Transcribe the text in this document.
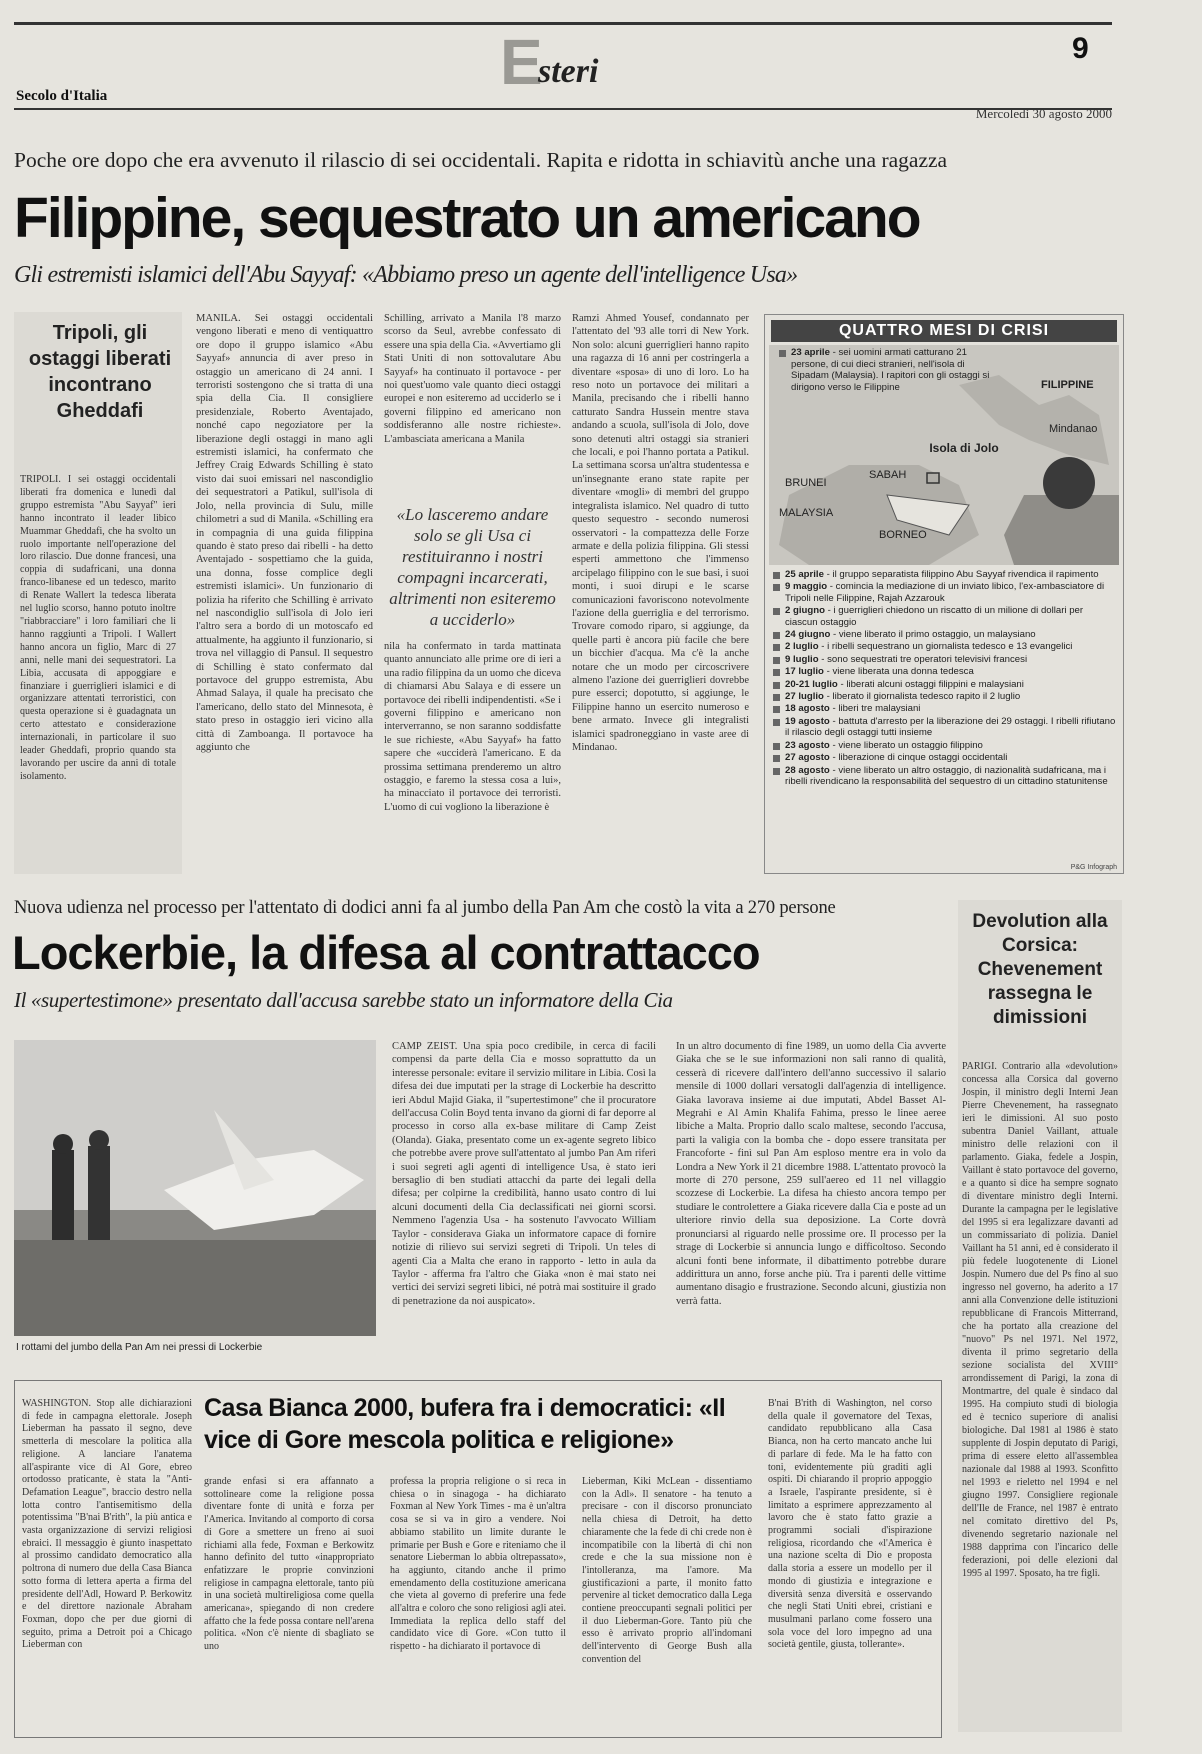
E
steri
9
Secolo d'Italia
Mercoledì 30 agosto 2000
Poche ore dopo che era avvenuto il rilascio di sei occidentali. Rapita e ridotta in schiavitù anche una ragazza
Filippine, sequestrato un americano
Gli estremisti islamici dell'Abu Sayyaf: «Abbiamo preso un agente dell'intelligence Usa»
Tripoli, gli ostaggi liberati incontrano Gheddafi
TRIPOLI. I sei ostaggi occidentali liberati fra domenica e lunedì dal gruppo estremista "Abu Sayyaf" ieri hanno incontrato il leader libico Muammar Gheddafi, che ha svolto un ruolo importante nell'operazione del loro rilascio. Due donne francesi, una coppia di sudafricani, una donna franco-libanese ed un tedesco, marito di Renate Wallert la tedesca liberata nel luglio scorso, hanno potuto inoltre "riabbracciare" i loro familiari che li hanno raggiunti a Tripoli. I Wallert hanno ancora un figlio, Marc di 27 anni, nelle mani dei sequestratori. La Libia, accusata di appoggiare e finanziare i guerriglieri islamici e di organizzare attentati terroristici, con questa operazione si è guadagnata un certo attestato e considerazione internazionali, in particolare il suo leader Gheddafi, proprio quando sta lavorando per uscire da anni di totale isolamento.
MANILA. Sei ostaggi occidentali vengono liberati e meno di ventiquattro ore dopo il gruppo islamico «Abu Sayyaf» annuncia di aver preso in ostaggio un americano di 24 anni. I terroristi sostengono che si tratta di una spia della Cia. Il consigliere presidenziale, Roberto Aventajado, nonché capo negoziatore per la liberazione degli ostaggi in mano agli estremisti islamici, ha confermato che Jeffrey Craig Edwards Schilling è stato visto dai suoi emissari nel nascondiglio dei sequestratori a Patikul, sull'isola di Jolo, nella provincia di Sulu, mille chilometri a sud di Manila. «Schilling era in compagnia di una guida filippina quando è stato preso dai ribelli - ha detto Aventajado - sospettiamo che la guida, una donna, fosse complice degli estremisti islamici». Un funzionario di polizia ha riferito che Schilling è arrivato nel nascondiglio sull'isola di Jolo ieri l'altro sera a bordo di un motoscafo ed attualmente, ha aggiunto il funzionario, si trova nel villaggio di Pansul. Il sequestro di Schilling è stato confermato dal portavoce del gruppo estremista, Abu Ahmad Salaya, il quale ha precisato che l'americano, dello stato del Minnesota, è stato preso in ostaggio ieri vicino alla città di Zamboanga. Il portavoce ha aggiunto che
Schilling, arrivato a Manila l'8 marzo scorso da Seul, avrebbe confessato di essere una spia della Cia. «Avvertiamo gli Stati Uniti di non sottovalutare Abu Sayyaf» ha continuato il portavoce - per noi quest'uomo vale quanto dieci ostaggi europei e non esiteremo ad ucciderlo se i governi filippino ed americano non soddisferanno alle nostre richieste». L'ambasciata americana a Manila
«Lo lasceremo andare solo se gli Usa ci restituiranno i nostri compagni incarcerati, altrimenti non esiteremo a ucciderlo»
nila ha confermato in tarda mattinata quanto annunciato alle prime ore di ieri a una radio filippina da un uomo che diceva di chiamarsi Abu Salaya e di essere un portavoce dei ribelli indipendentisti. «Se i governi filippino e americano non interverranno, se non saranno soddisfatte le sue richieste, «Abu Sayyaf» ha fatto sapere che «ucciderà l'americano. E da prossima settimana prenderemo un altro ostaggio, e faremo la stessa cosa a lui», ha minacciato il portavoce dei terroristi. L'uomo di cui vogliono la liberazione è
Ramzi Ahmed Yousef, condannato per l'attentato del '93 alle torri di New York. Non solo: alcuni guerriglieri hanno rapito una ragazza di 16 anni per costringerla a diventare «sposa» di uno di loro. Lo ha reso noto un portavoce dei militari a Manila, precisando che i ribelli hanno catturato Sandra Hussein mentre stava andando a scuola, sull'isola di Jolo, dove sono detenuti altri ostaggi sia stranieri che locali, e poi l'hanno portata a Patikul. La settimana scorsa un'altra studentessa e un'insegnante erano state rapite per diventare «mogli» di membri del gruppo integralista islamico. Nel quadro di tutto questo sequestro - secondo numerosi osservatori - la compattezza delle Forze armate e della polizia filippina. Gli stessi esperti ammettono che l'immenso arcipelago filippino con le sue basi, i suoi monti, i suoi dirupi e le scarse comunicazioni favoriscono notevolmente l'azione della guerriglia e del terrorismo. Trovare comodo riparo, si aggiunge, da quelle parti è ancora più facile che bere un bicchier d'acqua. Ma c'è la anche notare che un modo per circoscrivere almeno l'azione dei guerriglieri dovrebbe pure esserci; dopotutto, si aggiunge, le Filippine hanno un esercito numeroso e bene armato. Invece gli integralisti islamici spadroneggiano in vaste aree di Mindanao.
QUATTRO MESI DI CRISI
23 aprile - sei uomini armati catturano 21 persone, di cui dieci stranieri, nell'isola di Sipadam (Malaysia). I rapitori con gli ostaggi si dirigono verso le Filippine	FILIPPINE
Mindanao
Isola di Jolo
SABAH
BRUNEI
MALAYSIA
BORNEO
25 aprile - il gruppo separatista filippino Abu Sayyaf rivendica il rapimento
9 maggio - comincia la mediazione di un inviato libico, l'ex-ambasciatore di Tripoli nelle Filippine, Rajah Azzarouk
2 giugno - i guerriglieri chiedono un riscatto di un milione di dollari per ciascun ostaggio
24 giugno - viene liberato il primo ostaggio, un malaysiano
2 luglio - i ribelli sequestrano un giornalista tedesco e 13 evangelici
9 luglio - sono sequestrati tre operatori televisivi francesi
17 luglio - viene liberata una donna tedesca
20-21 luglio - liberati alcuni ostaggi filippini e malaysiani
27 luglio - liberato il giornalista tedesco rapito il 2 luglio
18 agosto - liberi tre malaysiani
19 agosto - battuta d'arresto per la liberazione dei 29 ostaggi. I ribelli rifiutano il rilascio degli ostaggi tutti insieme
23 agosto - viene liberato un ostaggio filippino
27 agosto - liberazione di cinque ostaggi occidentali
28 agosto - viene liberato un altro ostaggio, di nazionalità sudafricana, ma i ribelli rivendicano la responsabilità del sequestro di un cittadino statunitense
P&G Infograph
Nuova udienza nel processo per l'attentato di dodici anni fa al jumbo della Pan Am che costò la vita a 270 persone
Lockerbie, la difesa al contrattacco
Il «supertestimone» presentato dall'accusa sarebbe stato un informatore della Cia
I rottami del jumbo della Pan Am nei pressi di Lockerbie
CAMP ZEIST. Una spia poco credibile, in cerca di facili compensi da parte della Cia e mosso soprattutto da un interesse personale: evitare il servizio militare in Libia. Così la difesa dei due imputati per la strage di Lockerbie ha descritto ieri Abdul Majid Giaka, il "supertestimone" che il procuratore dell'accusa Colin Boyd tenta invano da giorni di far deporre al processo in corso alla ex-base militare di Camp Zeist (Olanda). Giaka, presentato come un ex-agente segreto libico che potrebbe avere prove sull'attentato al jumbo Pan Am riferì i suoi segreti agli agenti di intelligence Usa, è stato ieri bersaglio di ben studiati attacchi da parte dei legali della difesa; per colpirne la credibilità, hanno usato contro di lui alcuni documenti della Cia declassificati nei giorni scorsi. Nemmeno l'agenzia Usa - ha sostenuto l'avvocato William Taylor - considerava Giaka un informatore capace di fornire notizie di rilievo sui servizi segreti di Tripoli. Un teles di agenti Cia a Malta che erano in rapporto - letto in aula da Taylor - afferma fra l'altro che Giaka «non è mai stato nei vertici dei servizi segreti libici, né potrà mai sostituire il grado di penetrazione da noi auspicato».
In un altro documento di fine 1989, un uomo della Cia avverte Giaka che se le sue informazioni non sali ranno di qualità, cesserà di ricevere dall'intero dell'anno successivo il salario mensile di 1000 dollari versatogli dall'agenzia di intelligence. Giaka lavorava insieme ai due imputati, Abdel Basset Al-Megrahi e Al Amin Khalifa Fahima, presso le linee aeree libiche a Malta. Proprio dallo scalo maltese, secondo l'accusa, partì la valigia con la bomba che - dopo essere transitata per Francoforte - finì sul Pan Am esploso mentre era in volo da Londra a New York il 21 dicembre 1988. L'attentato provocò la morte di 270 persone, 259 sull'aereo ed 11 nel villaggio scozzese di Lockerbie. La difesa ha chiesto ancora tempo per studiare le controlettere a Giaka ricevere dalla Cia e poste ad un ulteriore rinvio della sua deposizione. La Corte dovrà pronunciarsi al riguardo nelle prossime ore. Il processo per la strage di Lockerbie si annuncia lungo e difficoltoso. Secondo alcuni fonti bene informate, il dibattimento potrebbe durare addirittura un anno, forse anche più. Tra i parenti delle vittime aumentano disagio e frustrazione. Secondo alcuni, giustizia non verrà fatta.
Devolution alla Corsica: Chevenement rassegna le dimissioni
PARIGI. Contrario alla «devolution» concessa alla Corsica dal governo Jospin, il ministro degli Interni Jean Pierre Chevenement, ha rassegnato ieri le dimissioni. Al suo posto subentra Daniel Vaillant, attuale ministro delle relazioni con il parlamento. Giaka, fedele a Jospin, Vaillant è stato portavoce del governo, e a quanto si dice ha sempre sognato di diventare ministro degli Interni. Durante la campagna per le legislative del 1995 si era legalizzare davanti ad un commissariato di polizia. Daniel Vaillant ha 51 anni, ed è considerato il più fedele luogotenente di Lionel Jospin. Numero due del Ps fino al suo ingresso nel governo, ha aderito a 17 anni alla Convenzione delle istituzioni repubblicane di Francois Mitterrand, che ha portato alla creazione del "nuovo" Ps nel 1971. Nel 1972, diventa il primo segretario della sezione socialista del XVIII° arrondissement di Parigi, la zona di Montmartre, del quale è sindaco dal 1995. Ha compiuto studi di biologia ed è tecnico superiore di analisi biologiche. Dal 1981 al 1986 è stato supplente di Jospin deputato di Parigi, prima di essere eletto all'assemblea nazionale dal 1988 al 1993. Sconfitto nel 1993 e rieletto nel 1994 e nel giugno 1997. Consigliere regionale dell'Ile de France, nel 1987 è entrato nel comitato direttivo del Ps, divenendo segretario nazionale nel 1988 dapprima con l'incarico delle federazioni, poi delle elezioni dal 1995 al 1997. Sposato, ha tre figli.
Casa Bianca 2000, bufera fra i democratici: «Il vice di Gore mescola politica e religione»
WASHINGTON. Stop alle dichiarazioni di fede in campagna elettorale. Joseph Lieberman ha passato il segno, deve smetterla di mescolare la politica alla religione. A lanciare l'anatema all'aspirante vice di Al Gore, ebreo ortodosso praticante, è stata la "Anti-Defamation League", braccio destro nella lotta contro l'antisemitismo della potentissima "B'nai B'rith", la più antica e vasta organizzazione di servizi religiosi ebraici. Il messaggio è giunto inaspettato al prossimo candidato democratico alla poltrona di numero due della Casa Bianca sotto forma di lettera aperta a firma del presidente dell'Adl, Howard P. Berkowitz e del direttore nazionale Abraham Foxman, dopo che per due giorni di seguito, prima a Detroit poi a Chicago Lieberman con
grande enfasi si era affannato a sottolineare come la religione possa diventare fonte di unità e forza per l'America. Invitando al comporto di corsa di Gore a smettere un freno ai suoi richiami alla fede, Foxman e Berkowitz hanno definito del tutto «inappropriato enfatizzare le proprie convinzioni religiose in campagna elettorale, tanto più in una società multireligiosa come quella americana», spiegando di non credere affatto che la fede possa contare nell'arena politica. «Non c'è niente di sbagliato se uno
professa la propria religione o si reca in chiesa o in sinagoga - ha dichiarato Foxman al New York Times - ma è un'altra cosa se si va in giro a vendere. Noi abbiamo stabilito un limite durante le primarie per Bush e Gore e riteniamo che il senatore Lieberman lo abbia oltrepassato», ha aggiunto, citando anche il primo emendamento della costituzione americana che vieta al governo di preferire una fede all'altra e coloro che sono religiosi agli atei. Immediata la replica dello staff del candidato vice di Gore. «Con tutto il rispetto - ha dichiarato il portavoce di
Lieberman, Kiki McLean - dissentiamo con la Adl». Il senatore - ha tenuto a precisare - con il discorso pronunciato nella chiesa di Detroit, ha detto chiaramente che la fede di chi crede non è incompatibile con la libertà di chi non crede e che la sua missione non è l'intolleranza, ma l'amore. Ma giustificazioni a parte, il monito fatto pervenire al ticket democratico dalla Lega contiene preoccupanti segnali politici per il duo Lieberman-Gore. Tanto più che esso è arrivato proprio all'indomani dell'intervento di George Bush alla convention del
B'nai B'rith di Washington, nel corso della quale il governatore del Texas, candidato repubblicano alla Casa Bianca, non ha certo mancato anche lui di parlare di fede. Ma le ha fatto con toni, evidentemente più graditi agli ospiti. Di chiarando il proprio appoggio a Israele, l'aspirante presidente, si è limitato a esprimere apprezzamento al lavoro che è stato fatto grazie a programmi sociali d'ispirazione religiosa, ricordando che «l'America è una nazione scelta di Dio e proposta dalla storia a essere un modello per il mondo di giustizia e integrazione e diversità senza diversità e osservando che negli Stati Uniti ebrei, cristiani e musulmani parlano come fossero una sola voce del loro impegno ad una società gentile, giusta, tollerante».
